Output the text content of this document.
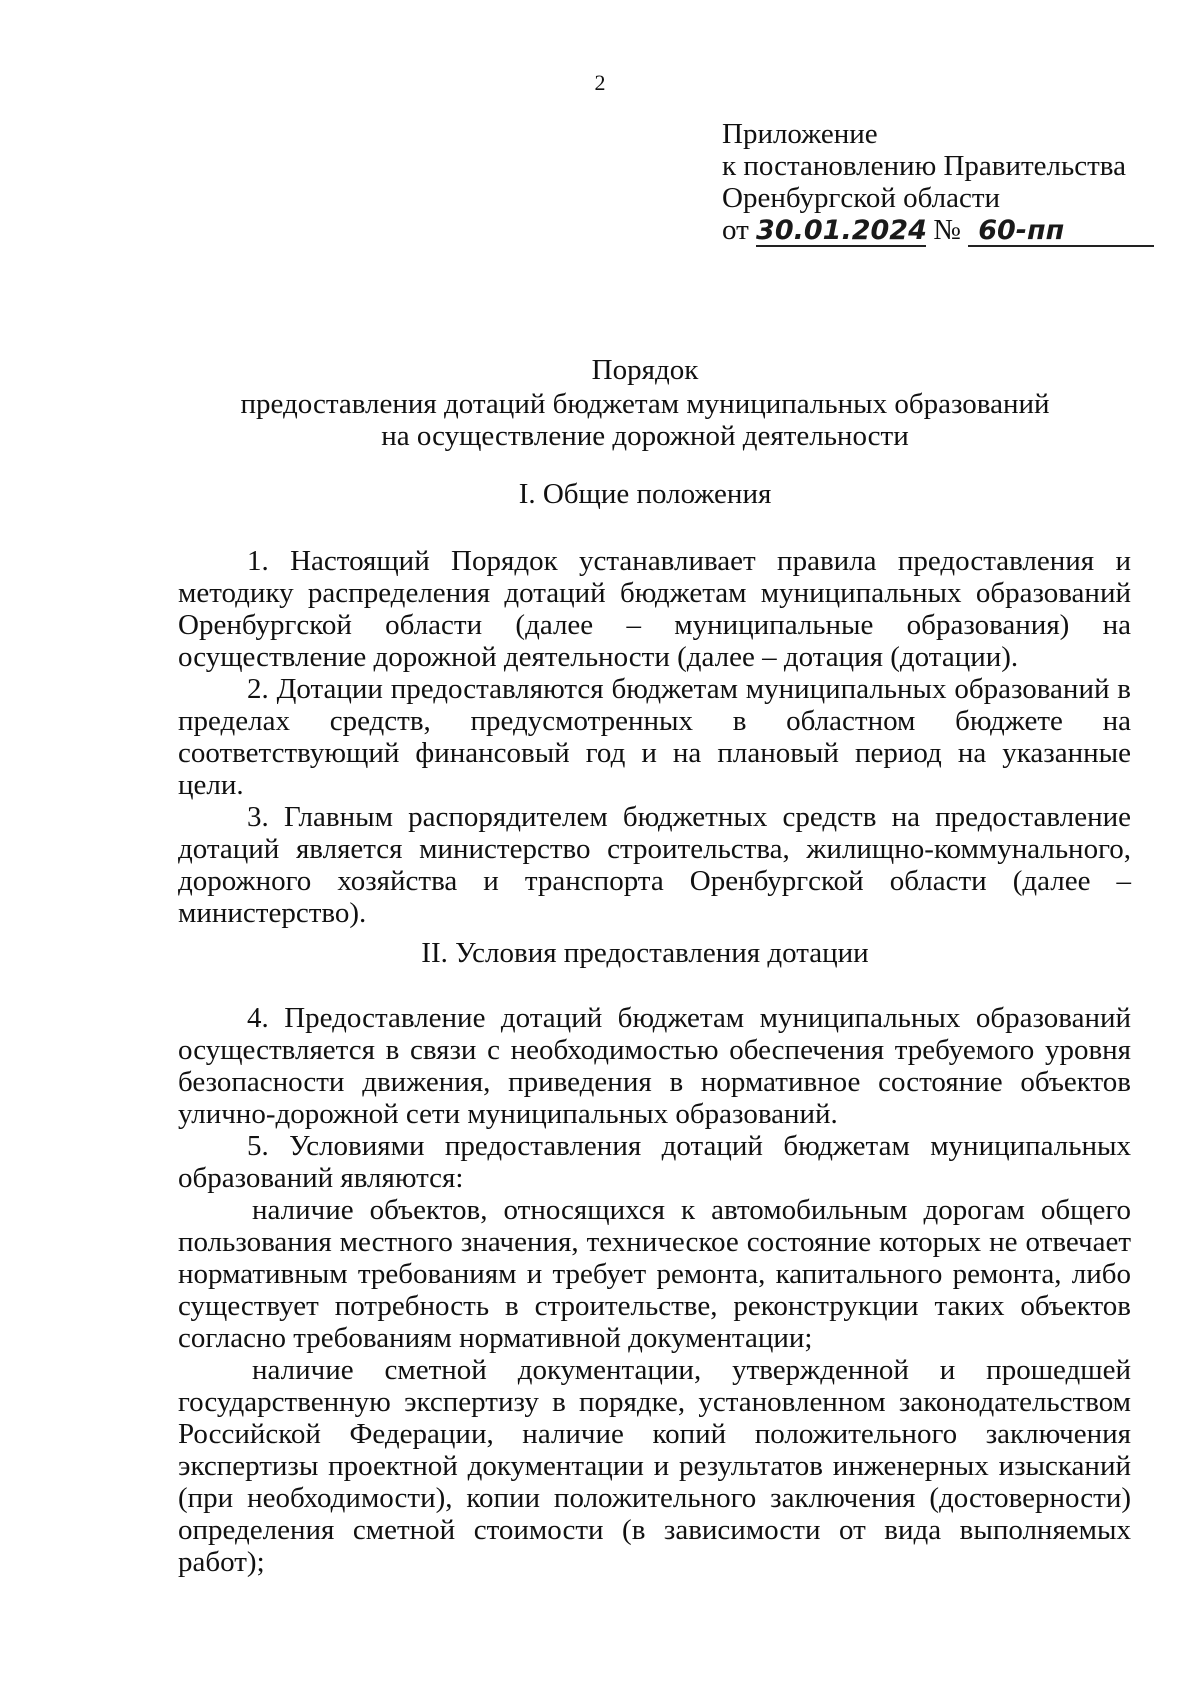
2
Приложение
к постановлению Правительства
Оренбургской области
от 30.01.2024 № 60-пп
Порядок
предоставления дотаций бюджетам муниципальных образований
на осуществление дорожной деятельности
I. Общие положения

1. Настоящий Порядок устанавливает правила предоставления и методику распределения дотаций бюджетам муниципальных образований Оренбургской области (далее – муниципальные образования) на осуществление дорожной деятельности (далее – дотация (дотации).

2. Дотации предоставляются бюджетам муниципальных образований в пределах средств, предусмотренных в областном бюджете на соответствующий финансовый год и на плановый период на указанные цели.

3. Главным распорядителем бюджетных средств на предоставление дотаций является министерство строительства, жилищно-коммунального, дорожного хозяйства и транспорта Оренбургской области (далее – министерство).

II. Условия предоставления дотации

4. Предоставление дотаций бюджетам муниципальных образований осуществляется в связи с необходимостью обеспечения требуемого уровня безопасности движения, приведения в нормативное состояние объектов улично-дорожной сети муниципальных образований.

5. Условиями предоставления дотаций бюджетам муниципальных образований являются:

наличие объектов, относящихся к автомобильным дорогам общего пользования местного значения, техническое состояние которых не отвечает нормативным требованиям и требует ремонта, капитального ремонта, либо существует потребность в строительстве, реконструкции таких объектов согласно требованиям нормативной документации;

наличие сметной документации, утвержденной и прошедшей государственную экспертизу в порядке, установленном законодательством Российской Федерации, наличие копий положительного заключения экспертизы проектной документации и результатов инженерных изысканий (при необходимости), копии положительного заключения (достоверности) определения сметной стоимости (в зависимости от вида выполняемых работ);
